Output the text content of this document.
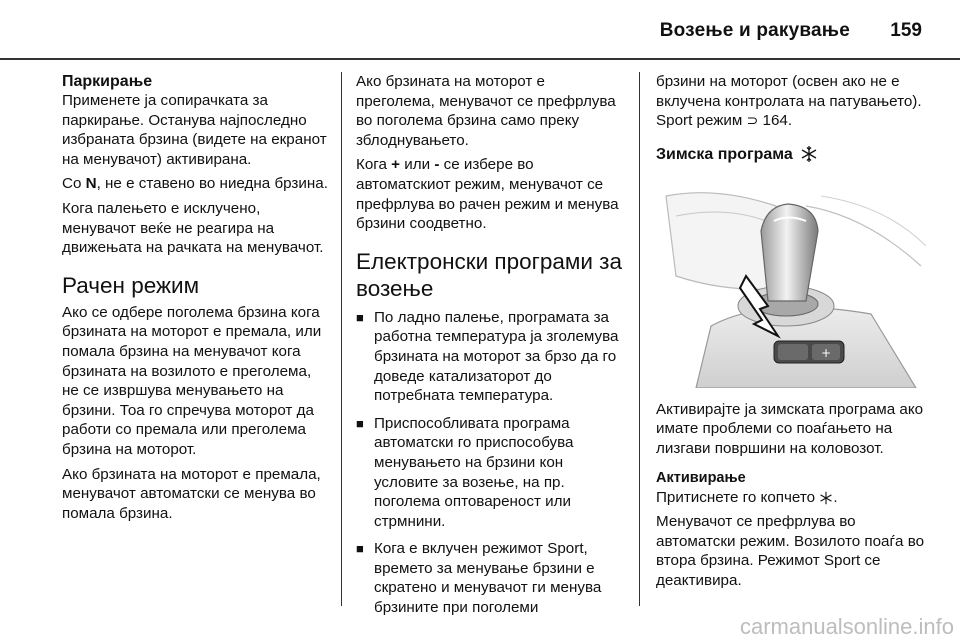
Возење и ракување 159
Паркирање

Применете ја сопирачката за паркирање. Останува најпоследно избраната брзина (видете на екранот на менувачот) активирана.

Со N, не е ставено во ниедна брзина.

Кога палењето е исклучено, менувачот веќе не реагира на движењата на рачката на менувачот.

Рачен режим

Ако се одбере поголема брзина кога брзината на моторот е премала, или помала брзина на менувачот кога брзината на возилото е преголема, не се извршува менувањето на брзини. Тоа го спречува моторот да работи со премала или преголема брзина на моторот.

Ако брзината на моторот е премала, менувачот автоматски се менува во помала брзина.

Ако брзината на моторот е преголема, менувачот се префрлува во поголема брзина само преку зблоднувањето.

Кога + или - се избере во автоматскиот режим, менувачот се префрлува во рачен режим и менува брзини соодветно.

Електронски програми за возење
■ По ладно палење, програмата за работна температура ја зголемува брзината на моторот за брзо да го доведе катализаторот до потребната температура.
■ Приспособливата програма автоматски го приспособува менувањето на брзини кон условите за возење, на пр. поголема оптовареност или стрмнини.
■ Кога е вклучен режимот Sport, времето за менување брзини е скратено и менувачот ги менува брзините при поголеми

брзини на моторот (освен ако не е вклучена контролата на патувањето). Sport режим ⊃ 164.

Зимска програма
+

Активирајте ја зимската програма ако имате проблеми со поаѓањето на лизгави површини на коловозот.

Активирање

Притиснете го копчето .

Менувачот се префрлува во автоматски режим. Возилото поаѓа во втора брзина. Режимот Sport се деактивира.

carmanualsonline.info
